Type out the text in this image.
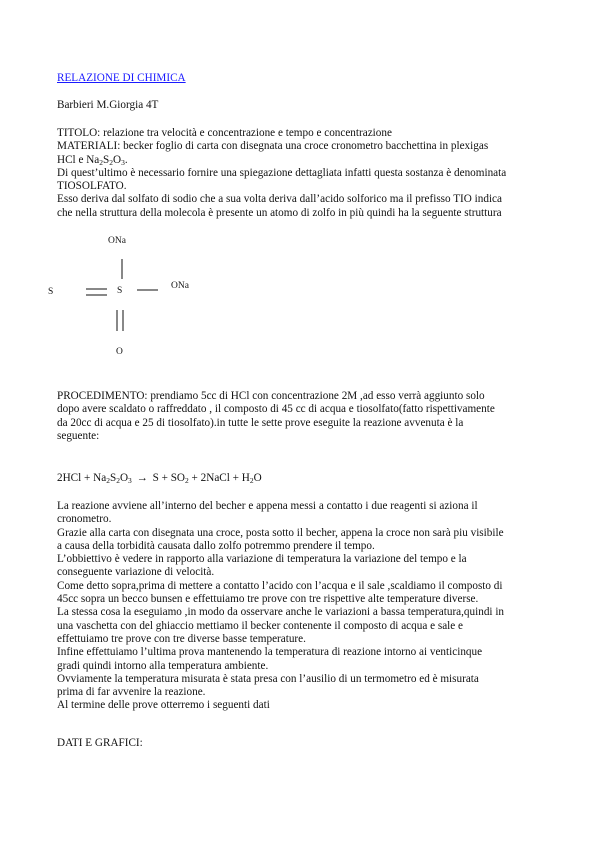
RELAZIONE DI CHIMICA
Barbieri M.Giorgia 4T
TITOLO: relazione tra velocità e concentrazione e tempo e concentrazione
MATERIALI: becker foglio di carta con disegnata una croce cronometro bacchettina in plexigas
HCl e $Na_2S_2O_3$.
Di quest’ultimo è necessario fornire una spiegazione dettagliata infatti questa sostanza è denominata
TIOSOLFATO.
Esso deriva dal solfato di sodio che a sua volta deriva dall’acido solforico ma il prefisso TIO indica
che nella struttura della molecola è presente un atomo di zolfo in più quindi ha la seguente struttura
ONa
S	S	ONa
O
PROCEDIMENTO: prendiamo 5cc di HCl con concentrazione 2M ,ad esso verrà aggiunto solo
dopo avere scaldato o raffreddato , il composto di 45 cc di acqua e tiosolfato(fatto rispettivamente
da 20cc di acqua e 25 di tiosolfato).in tutte le sette prove eseguite la reazione avvenuta è la
seguente:
$2HCl + Na_2S_2O_3 \to S + SO_2$ + 2NaCl + $H_2O$
La reazione avviene all’interno del becher e appena messi a contatto i due reagenti si aziona il
cronometro.
Grazie alla carta con disegnata una croce, posta sotto il becher, appena la croce non sarà piu visibile
a causa della torbidità causata dallo zolfo potremmo prendere il tempo.
L’obbiettivo è vedere in rapporto alla variazione di temperatura la variazione del tempo e la
conseguente variazione di velocità.
Come detto sopra,prima di mettere a contatto l’acido con l’acqua e il sale ,scaldiamo il composto di
45cc sopra un becco bunsen e effettuiamo tre prove con tre rispettive alte temperature diverse.
La stessa cosa la eseguiamo ,in modo da osservare anche le variazioni a bassa temperatura,quindi in
una vaschetta con del ghiaccio mettiamo il becker contenente il composto di acqua e sale e
effettuiamo tre prove con tre diverse basse temperature.
Infine effettuiamo l’ultima prova mantenendo la temperatura di reazione intorno ai venticinque
gradi quindi intorno alla temperatura ambiente.
Ovviamente la temperatura misurata è stata presa con l’ausilio di un termometro ed è misurata
prima di far avvenire la reazione.
Al termine delle prove otterremo i seguenti dati
DATI E GRAFICI:
